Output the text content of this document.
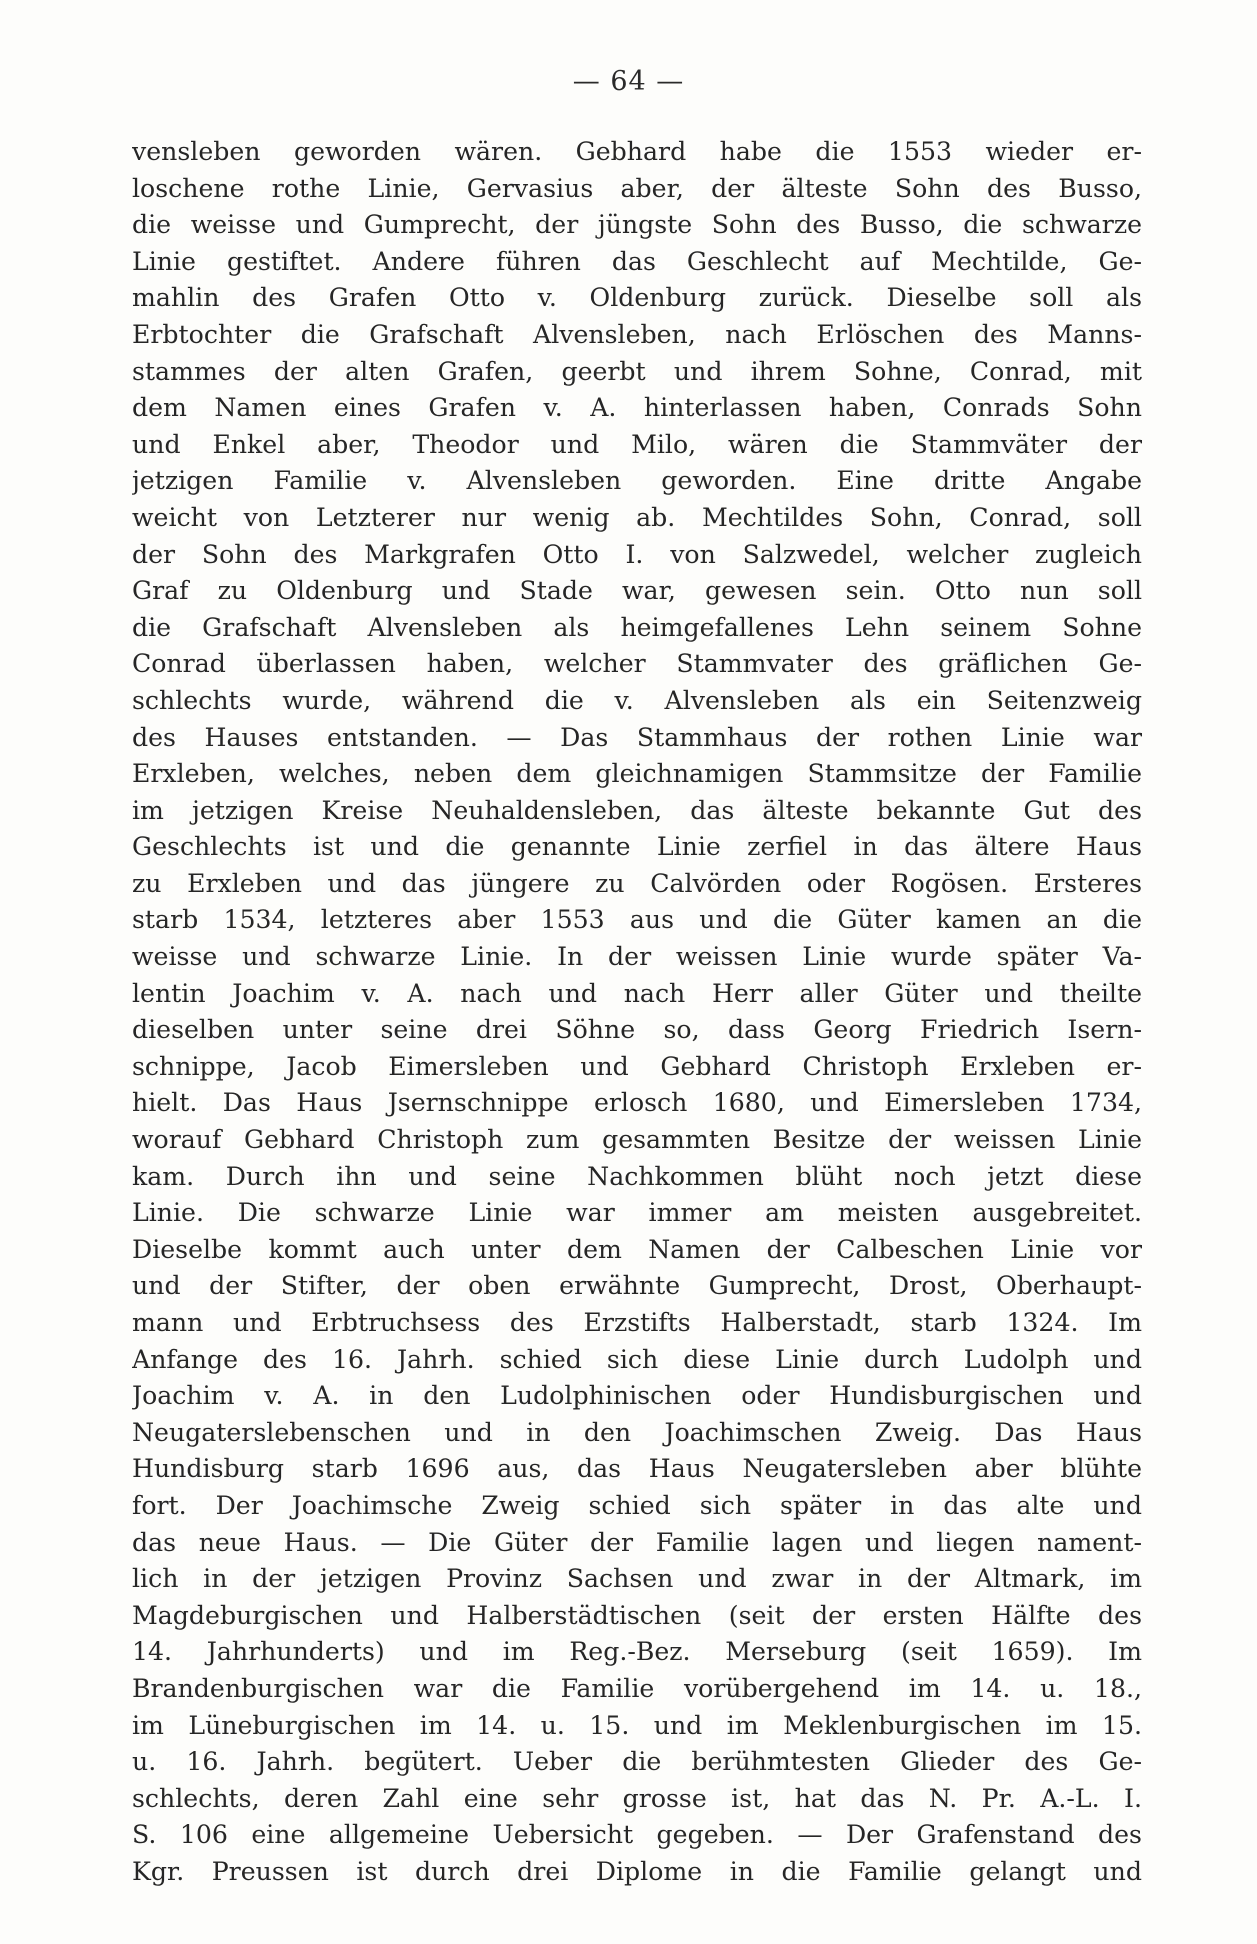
— 64 —
vensleben geworden wären. Gebhard habe die 1553 wieder er-
loschene rothe Linie, Gervasius aber, der älteste Sohn des Busso,
die weisse und Gumprecht, der jüngste Sohn des Busso, die schwarze
Linie gestiftet. Andere führen das Geschlecht auf Mechtilde, Ge-
mahlin des Grafen Otto v. Oldenburg zurück. Dieselbe soll als
Erbtochter die Grafschaft Alvensleben, nach Erlöschen des Manns-
stammes der alten Grafen, geerbt und ihrem Sohne, Conrad, mit
dem Namen eines Grafen v. A. hinterlassen haben, Conrads Sohn
und Enkel aber, Theodor und Milo, wären die Stammväter der
jetzigen Familie v. Alvensleben geworden. Eine dritte Angabe
weicht von Letzterer nur wenig ab. Mechtildes Sohn, Conrad, soll
der Sohn des Markgrafen Otto I. von Salzwedel, welcher zugleich
Graf zu Oldenburg und Stade war, gewesen sein. Otto nun soll
die Grafschaft Alvensleben als heimgefallenes Lehn seinem Sohne
Conrad überlassen haben, welcher Stammvater des gräflichen Ge-
schlechts wurde, während die v. Alvensleben als ein Seitenzweig
des Hauses entstanden. — Das Stammhaus der rothen Linie war
Erxleben, welches, neben dem gleichnamigen Stammsitze der Familie
im jetzigen Kreise Neuhaldensleben, das älteste bekannte Gut des
Geschlechts ist und die genannte Linie zerfiel in das ältere Haus
zu Erxleben und das jüngere zu Calvörden oder Rogösen. Ersteres
starb 1534, letzteres aber 1553 aus und die Güter kamen an die
weisse und schwarze Linie. In der weissen Linie wurde später Va-
lentin Joachim v. A. nach und nach Herr aller Güter und theilte
dieselben unter seine drei Söhne so, dass Georg Friedrich Isern-
schnippe, Jacob Eimersleben und Gebhard Christoph Erxleben er-
hielt. Das Haus Jsernschnippe erlosch 1680, und Eimersleben 1734,
worauf Gebhard Christoph zum gesammten Besitze der weissen Linie
kam. Durch ihn und seine Nachkommen blüht noch jetzt diese
Linie. Die schwarze Linie war immer am meisten ausgebreitet.
Dieselbe kommt auch unter dem Namen der Calbeschen Linie vor
und der Stifter, der oben erwähnte Gumprecht, Drost, Oberhaupt-
mann und Erbtruchsess des Erzstifts Halberstadt, starb 1324. Im
Anfange des 16. Jahrh. schied sich diese Linie durch Ludolph und
Joachim v. A. in den Ludolphinischen oder Hundisburgischen und
Neugaterslebenschen und in den Joachimschen Zweig. Das Haus
Hundisburg starb 1696 aus, das Haus Neugatersleben aber blühte
fort. Der Joachimsche Zweig schied sich später in das alte und
das neue Haus. — Die Güter der Familie lagen und liegen nament-
lich in der jetzigen Provinz Sachsen und zwar in der Altmark, im
Magdeburgischen und Halberstädtischen (seit der ersten Hälfte des
14. Jahrhunderts) und im Reg.-Bez. Merseburg (seit 1659). Im
Brandenburgischen war die Familie vorübergehend im 14. u. 18.,
im Lüneburgischen im 14. u. 15. und im Meklenburgischen im 15.
u. 16. Jahrh. begütert. Ueber die berühmtesten Glieder des Ge-
schlechts, deren Zahl eine sehr grosse ist, hat das N. Pr. A.-L. I.
S. 106 eine allgemeine Uebersicht gegeben. — Der Grafenstand des
Kgr. Preussen ist durch drei Diplome in die Familie gelangt und
